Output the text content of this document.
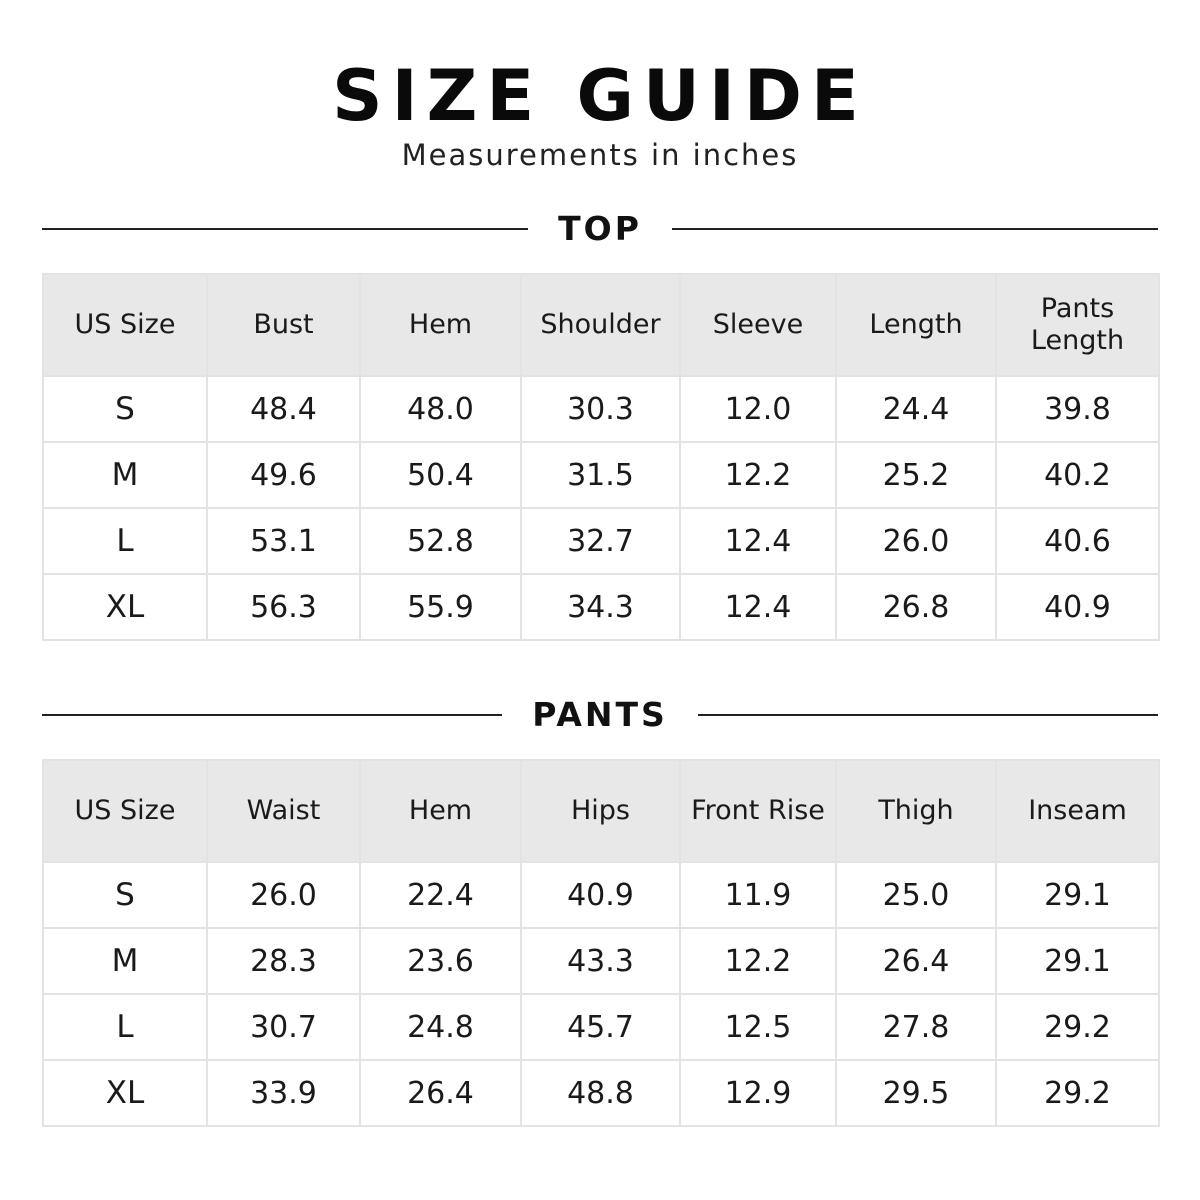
SIZE GUIDE
Measurements in inches
TOP
US Size	Bust	Hem	Shoulder	Sleeve	Length	Pants Length
S	48.4	48.0	30.3	12.0	24.4	39.8
M	49.6	50.4	31.5	12.2	25.2	40.2
L	53.1	52.8	32.7	12.4	26.0	40.6
XL	56.3	55.9	34.3	12.4	26.8	40.9
PANTS
US Size	Waist	Hem	Hips	Front Rise	Thigh	Inseam
S	26.0	22.4	40.9	11.9	25.0	29.1
M	28.3	23.6	43.3	12.2	26.4	29.1
L	30.7	24.8	45.7	12.5	27.8	29.2
XL	33.9	26.4	48.8	12.9	29.5	29.2
